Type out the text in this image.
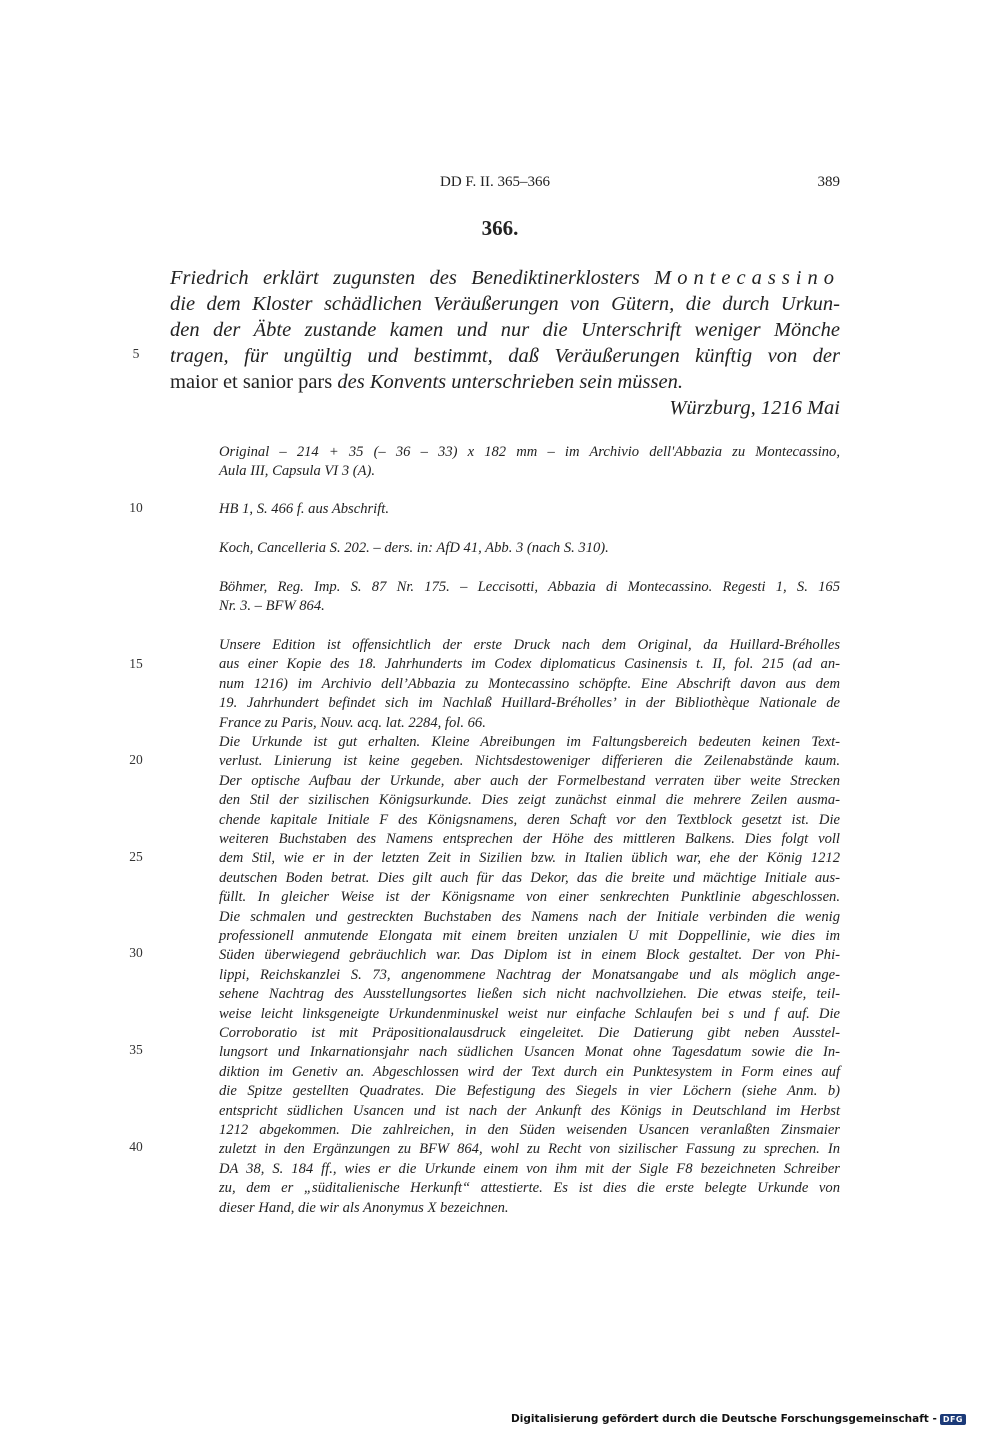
DD F. II. 365–366	389
366.
Friedrich erklärt zugunsten des Benediktinerklosters Montecassino
die dem Kloster schädlichen Veräußerungen von Gütern, die durch Urkun-
den der Äbte zustande kamen und nur die Unterschrift weniger Mönche
tragen, für ungültig und bestimmt, daß Veräußerungen künftig von der
maior et sanior pars des Konvents unterschrieben sein müssen.
Würzburg, 1216 Mai
5
10
15
20
25
30
35
40
Original – 214 + 35 (– 36 – 33) x 182 mm – im Archivio dell'Abbazia zu Montecassino,
Aula III, Capsula VI 3 (A).
HB 1, S. 466 f. aus Abschrift.
Koch, Cancelleria S. 202. – ders. in: AfD 41, Abb. 3 (nach S. 310).
Böhmer, Reg. Imp. S. 87 Nr. 175. – Leccisotti, Abbazia di Montecassino. Regesti 1, S. 165
Nr. 3. – BFW 864.
Unsere Edition ist offensichtlich der erste Druck nach dem Original, da Huillard-Bréholles
aus einer Kopie des 18. Jahrhunderts im Codex diplomaticus Casinensis t. II, fol. 215 (ad an-
num 1216) im Archivio dell’Abbazia zu Montecassino schöpfte. Eine Abschrift davon aus dem
19. Jahrhundert befindet sich im Nachlaß Huillard-Bréholles’ in der Bibliothèque Nationale de
France zu Paris, Nouv. acq. lat. 2284, fol. 66.
Die Urkunde ist gut erhalten. Kleine Abreibungen im Faltungsbereich bedeuten keinen Text-
verlust. Linierung ist keine gegeben. Nichtsdestoweniger differieren die Zeilenabstände kaum.
Der optische Aufbau der Urkunde, aber auch der Formelbestand verraten über weite Strecken
den Stil der sizilischen Königsurkunde. Dies zeigt zunächst einmal die mehrere Zeilen ausma-
chende kapitale Initiale F des Königsnamens, deren Schaft vor den Textblock gesetzt ist. Die
weiteren Buchstaben des Namens entsprechen der Höhe des mittleren Balkens. Dies folgt voll
dem Stil, wie er in der letzten Zeit in Sizilien bzw. in Italien üblich war, ehe der König 1212
deutschen Boden betrat. Dies gilt auch für das Dekor, das die breite und mächtige Initiale aus-
füllt. In gleicher Weise ist der Königsname von einer senkrechten Punktlinie abgeschlossen.
Die schmalen und gestreckten Buchstaben des Namens nach der Initiale verbinden die wenig
professionell anmutende Elongata mit einem breiten unzialen U mit Doppellinie, wie dies im
Süden überwiegend gebräuchlich war. Das Diplom ist in einem Block gestaltet. Der von Phi-
lippi, Reichskanzlei S. 73, angenommene Nachtrag der Monatsangabe und als möglich ange-
sehene Nachtrag des Ausstellungsortes ließen sich nicht nachvollziehen. Die etwas steife, teil-
weise leicht linksgeneigte Urkundenminuskel weist nur einfache Schlaufen bei s und f auf. Die
Corroboratio ist mit Präpositionalausdruck eingeleitet. Die Datierung gibt neben Ausstel-
lungsort und Inkarnationsjahr nach südlichen Usancen Monat ohne Tagesdatum sowie die In-
diktion im Genetiv an. Abgeschlossen wird der Text durch ein Punktesystem in Form eines auf
die Spitze gestellten Quadrates. Die Befestigung des Siegels in vier Löchern (siehe Anm. b)
entspricht südlichen Usancen und ist nach der Ankunft des Königs in Deutschland im Herbst
1212 abgekommen. Die zahlreichen, in den Süden weisenden Usancen veranlaßten Zinsmaier
zuletzt in den Ergänzungen zu BFW 864, wohl zu Recht von sizilischer Fassung zu sprechen. In
DA 38, S. 184 ff., wies er die Urkunde einem von ihm mit der Sigle F8 bezeichneten Schreiber
zu, dem er „süditalienische Herkunft“ attestierte. Es ist dies die erste belegte Urkunde von
dieser Hand, die wir als Anonymus X bezeichnen.
Digitalisierung gefördert durch die Deutsche Forschungsgemeinschaft - DFG
